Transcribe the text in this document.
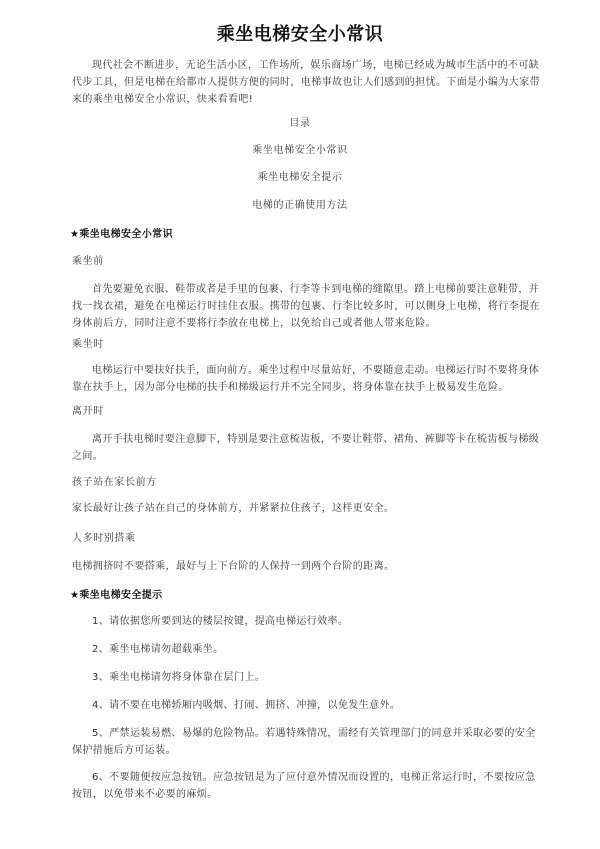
乘坐电梯安全小常识

现代社会不断进步，无论生活小区，工作场所，娱乐商场广场，电梯已经成为城市生活中的不可缺代步工具，但是电梯在给都市人提供方便的同时，电梯事故也让人们感到的担忧。下面是小编为大家带来的乘坐电梯安全小常识，快来看看吧!

目录
乘坐电梯安全小常识
乘坐电梯安全提示
电梯的正确使用方法
★乘坐电梯安全小常识
乘坐前

首先要避免衣服、鞋带或者是手里的包裹、行李等卡到电梯的缝隙里。踏上电梯前要注意鞋带，并找一找衣裙，避免在电梯运行时挂住衣服。携带的包裹、行李比较多时，可以侧身上电梯，将行李提在身体前后方，同时注意不要将行李放在电梯上，以免给自己或者他人带来危险。

乘坐时

电梯运行中要扶好扶手，面向前方。乘坐过程中尽量站好，不要随意走动。电梯运行时不要将身体靠在扶手上，因为部分电梯的扶手和梯级运行并不完全同步，将身体靠在扶手上极易发生危险。

离开时

离开手扶电梯时要注意脚下，特别是要注意梳齿板，不要让鞋带、裙角、裤脚等卡在梳齿板与梯级之间。

孩子站在家长前方

家长最好让孩子站在自己的身体前方，并紧紧拉住孩子，这样更安全。

人多时别搭乘

电梯拥挤时不要搭乘，最好与上下台阶的人保持一到两个台阶的距离。

★乘坐电梯安全提示

1、请依据您所要到达的楼层按键，提高电梯运行效率。

2、乘坐电梯请勿超载乘坐。

3、乘坐电梯请勿将身体靠在层门上。

4、请不要在电梯轿厢内吸烟、打闹、拥挤、冲撞，以免发生意外。

5、严禁运装易燃、易爆的危险物品。若遇特殊情况，需经有关管理部门的同意并采取必要的安全保护措施后方可运装。

6、不要随便按应急按钮。应急按钮是为了应付意外情况而设置的，电梯正常运行时，不要按应急按钮，以免带来不必要的麻烦。
